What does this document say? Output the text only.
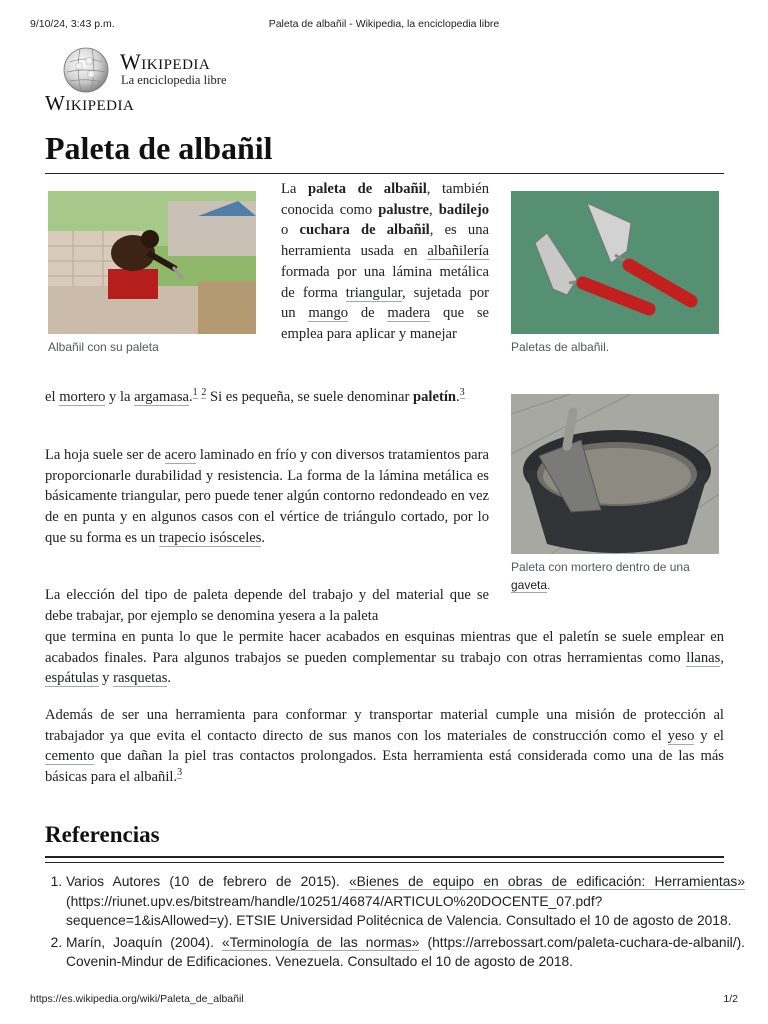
9/10/24, 3:43 p.m.	Paleta de albañil - Wikipedia, la enciclopedia libre
Wikipedia
La enciclopedia libre
Wikipedia
Paleta de albañil
Albañil con su paleta	Paletas de albañil.
Paleta con mortero dentro de una gaveta.

La paleta de albañil, también conocida como palustre, badilejo o cuchara de albañil, es una herramienta usada en albañilería formada por una lámina metálica de forma triangular, sujetada por un mango de madera que se emplea para aplicar y manejar

el mortero y la argamasa.$^1$ $^2$ Si es pequeña, se suele denominar paletín.$^3$

La hoja suele ser de acero laminado en frío y con diversos tratamientos para proporcionarle durabilidad y resistencia. La forma de la lámina metálica es básicamente triangular, pero puede tener algún contorno redondeado en vez de en punta y en algunos casos con el vértice de triángulo cortado, por lo que su forma es un trapecio isósceles.

La elección del tipo de paleta depende del trabajo y del material que se debe trabajar, por ejemplo se denomina yesera a la paleta

que termina en punta lo que le permite hacer acabados en esquinas mientras que el paletín se suele emplear en acabados finales. Para algunos trabajos se pueden complementar su trabajo con otras herramientas como llanas, espátulas y rasquetas.

Además de ser una herramienta para conformar y transportar material cumple una misión de protección al trabajador ya que evita el contacto directo de sus manos con los materiales de construcción como el yeso y el cemento que dañan la piel tras contactos prolongados. Esta herramienta está considerada como una de las más básicas para el albañil.$^3$

Referencias
1. Varios Autores (10 de febrero de 2015). «Bienes de equipo en obras de edificación: Herramientas» (https://riunet.upv.es/bitstream/handle/10251/46874/ARTICULO%20DOCENTE_07.pdf?sequence=1&isAllowed=y). ETSIE Universidad Politécnica de Valencia. Consultado el 10 de agosto de 2018.
2. Marín, Joaquín (2004). «Terminología de las normas» (https://arrebossart.com/paleta-cuchara-de-albanil/). Covenin-Mindur de Edificaciones. Venezuela. Consultado el 10 de agosto de 2018.
https://es.wikipedia.org/wiki/Paleta_de_albañil	1/2
